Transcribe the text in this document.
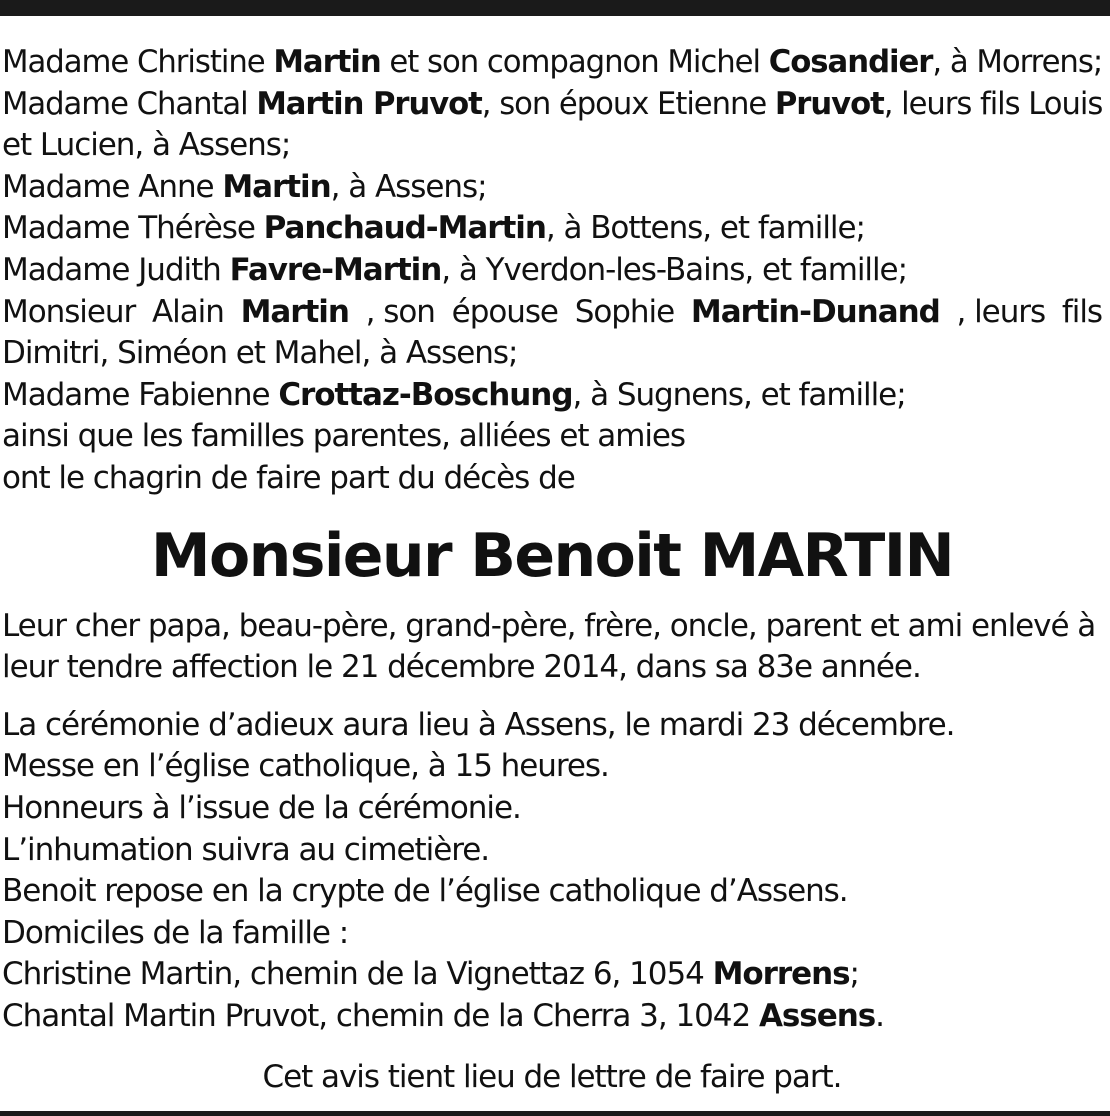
Madame Christine Martin et son compagnon Michel Cosandier, à Morrens;
Madame Chantal Martin Pruvot, son époux Etienne Pruvot, leurs fils Louis
et Lucien, à Assens;
Madame Anne Martin, à Assens;
Madame Thérèse Panchaud-Martin, à Bottens, et famille;
Madame Judith Favre-Martin, à Yverdon-les-Bains, et famille;
Monsieur Alain Martin , son épouse Sophie Martin-Dunand , leurs fils
Dimitri, Siméon et Mahel, à Assens;
Madame Fabienne Crottaz-Boschung, à Sugnens, et famille;
ainsi que les familles parentes, alliées et amies
ont le chagrin de faire part du décès de
Monsieur Benoit MARTIN
Leur cher papa, beau-père, grand-père, frère, oncle, parent et ami enlevé à
leur tendre affection le 21 décembre 2014, dans sa 83e année.
La cérémonie d’adieux aura lieu à Assens, le mardi 23 décembre.
Messe en l’église catholique, à 15 heures.
Honneurs à l’issue de la cérémonie.
L’inhumation suivra au cimetière.
Benoit repose en la crypte de l’église catholique d’Assens.
Domiciles de la famille :
Christine Martin, chemin de la Vignettaz 6, 1054 Morrens;
Chantal Martin Pruvot, chemin de la Cherra 3, 1042 Assens.
Cet avis tient lieu de lettre de faire part.
